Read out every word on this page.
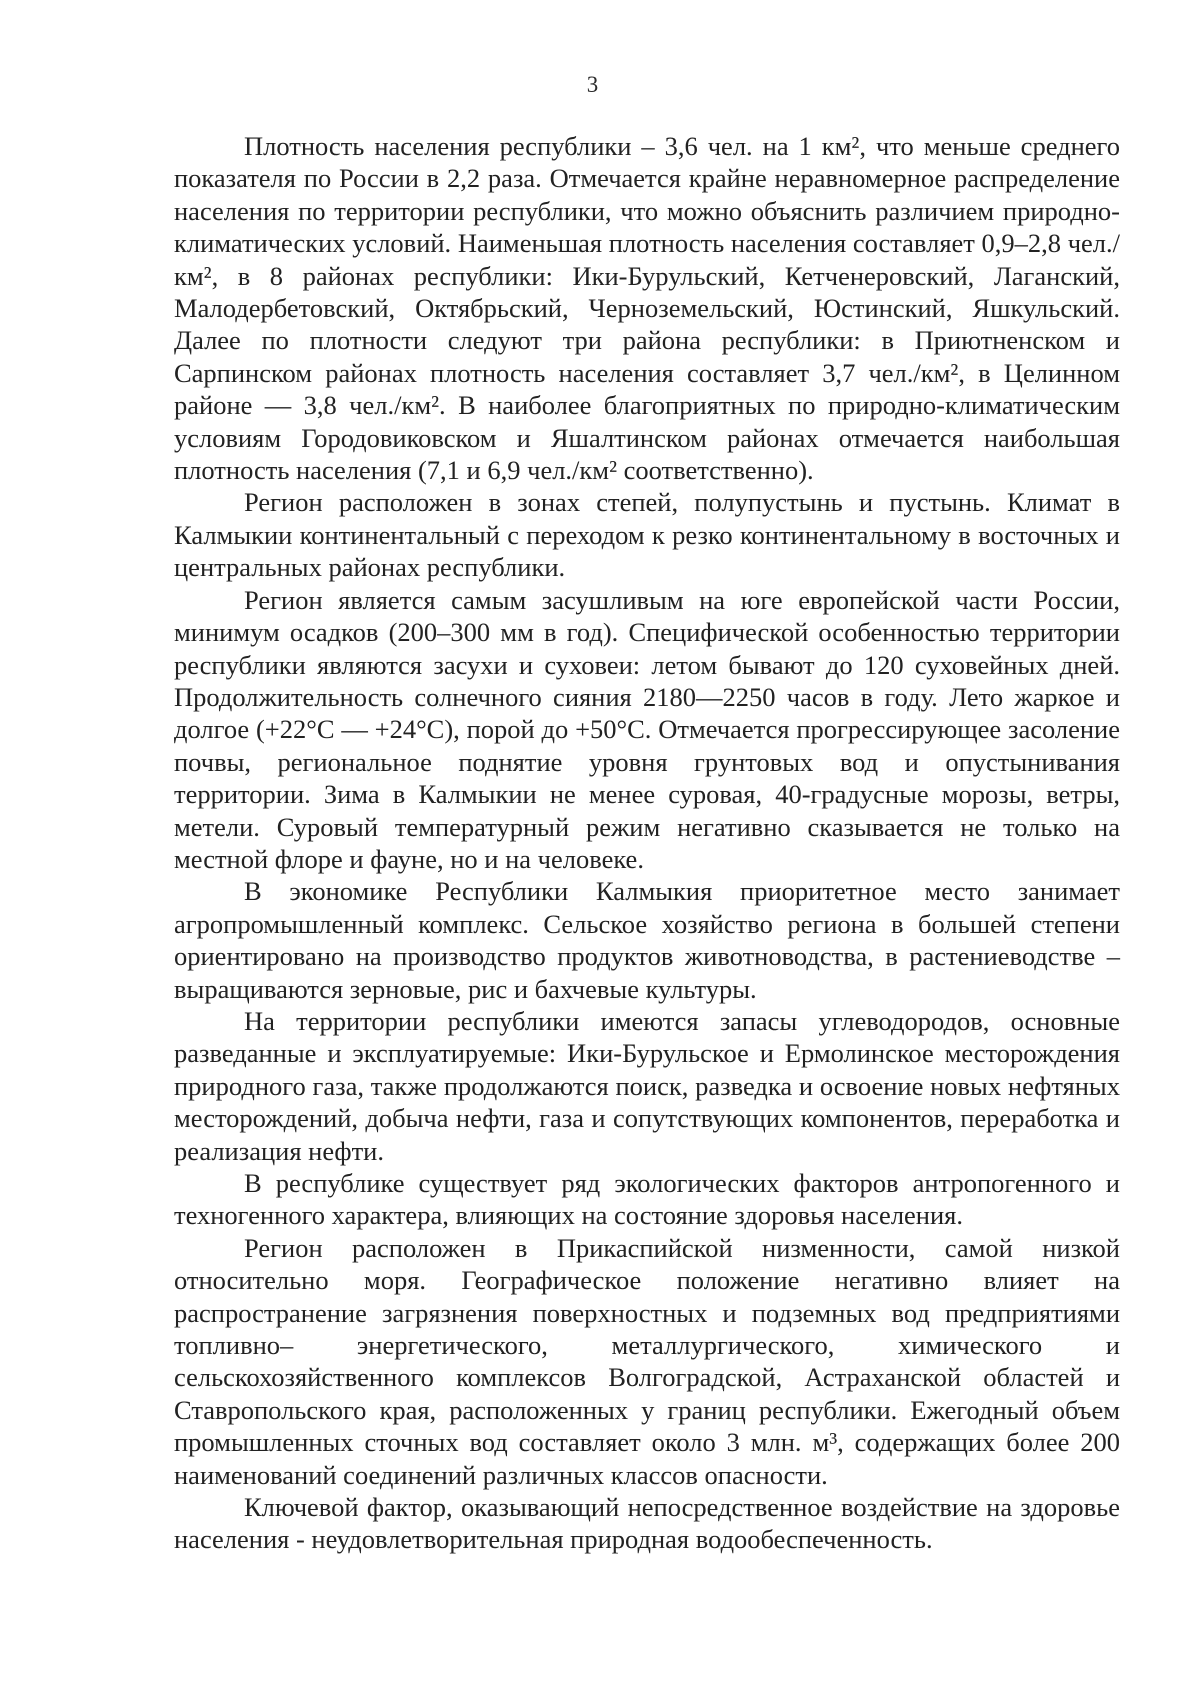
3

Плотность населения республики – 3,6 чел. на 1 км², что меньше среднего показателя по России в 2,2 раза. Отмечается крайне неравномерное распределение населения по территории республики, что можно объяснить различием природно-климатических условий. Наименьшая плотность населения составляет 0,9–2,8 чел./км², в 8 районах республики: Ики-Бурульский, Кетченеровский, Лаганский, Малодербетовский, Октябрьский, Черноземельский, Юстинский, Яшкульский. Далее по плотности следуют три района республики: в Приютненском и Сарпинском районах плотность населения составляет 3,7 чел./км², в Целинном районе — 3,8 чел./км². В наиболее благоприятных по природно-климатическим условиям Городовиковском и Яшалтинском районах отмечается наибольшая плотность населения (7,1 и 6,9 чел./км² соответственно).

Регион расположен в зонах степей, полупустынь и пустынь. Климат в Калмыкии континентальный с переходом к резко континентальному в восточных и центральных районах республики.

Регион является самым засушливым на юге европейской части России, минимум осадков (200–300 мм в год). Специфической особенностью территории республики являются засухи и суховеи: летом бывают до 120 суховейных дней. Продолжительность солнечного сияния 2180—2250 часов в году. Лето жаркое и долгое (+22°С — +24°С), порой до +50°С. Отмечается прогрессирующее засоление почвы, региональное поднятие уровня грунтовых вод и опустынивания территории. Зима в Калмыкии не менее суровая, 40-градусные морозы, ветры, метели. Суровый температурный режим негативно сказывается не только на местной флоре и фауне, но и на человеке.

В экономике Республики Калмыкия приоритетное место занимает агропромышленный комплекс. Сельское хозяйство региона в большей степени ориентировано на производство продуктов животноводства, в растениеводстве – выращиваются зерновые, рис и бахчевые культуры.

На территории республики имеются запасы углеводородов, основные разведанные и эксплуатируемые: Ики-Бурульское и Ермолинское месторождения природного газа, также продолжаются поиск, разведка и освоение новых нефтяных месторождений, добыча нефти, газа и сопутствующих компонентов, переработка и реализация нефти.

В республике существует ряд экологических факторов антропогенного и техногенного характера, влияющих на состояние здоровья населения.

Регион расположен в Прикаспийской низменности, самой низкой относительно моря. Географическое положение негативно влияет на распространение загрязнения поверхностных и подземных вод предприятиями топливно– энергетического, металлургического, химического и сельскохозяйственного комплексов Волгоградской, Астраханской областей и Ставропольского края, расположенных у границ республики. Ежегодный объем промышленных сточных вод составляет около 3 млн. м³, содержащих более 200 наименований соединений различных классов опасности.

Ключевой фактор, оказывающий непосредственное воздействие на здоровье населения - неудовлетворительная природная водообеспеченность.
